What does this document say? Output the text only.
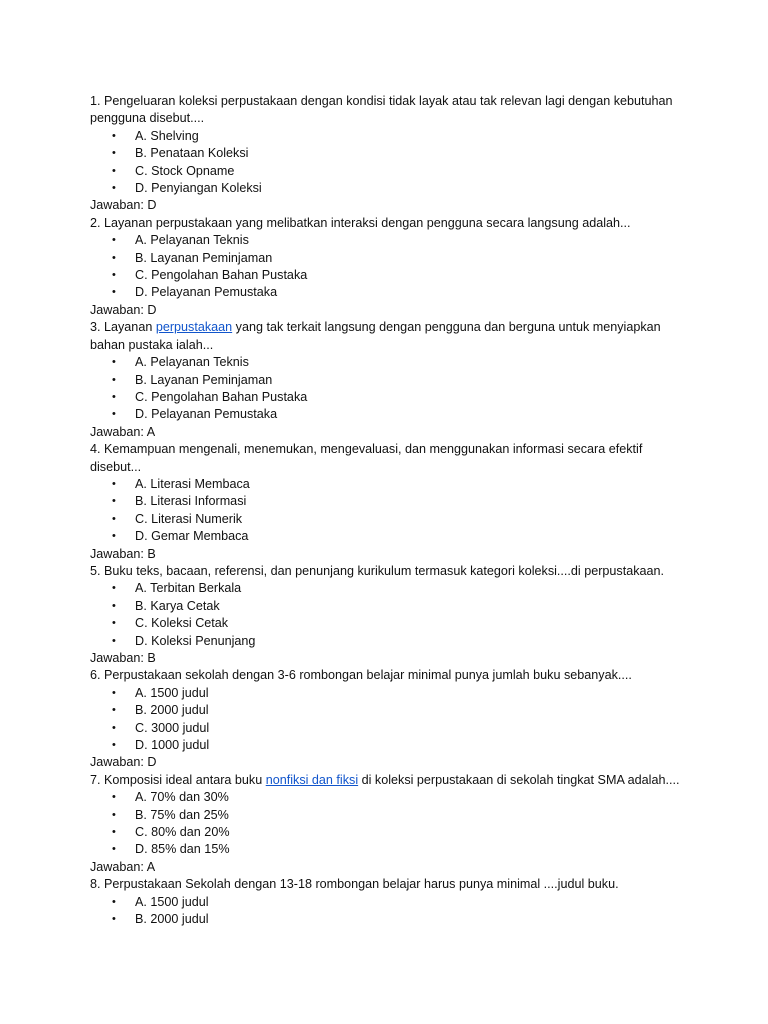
1. Pengeluaran koleksi perpustakaan dengan kondisi tidak layak atau tak relevan lagi dengan kebutuhan pengguna disebut....

• A. Shelving
• B. Penataan Koleksi
• C. Stock Opname
• D. Penyiangan Koleksi

Jawaban: D

2. Layanan perpustakaan yang melibatkan interaksi dengan pengguna secara langsung adalah...

• A. Pelayanan Teknis
• B. Layanan Peminjaman
• C. Pengolahan Bahan Pustaka
• D. Pelayanan Pemustaka

Jawaban: D

3. Layanan perpustakaan yang tak terkait langsung dengan pengguna dan berguna untuk menyiapkan bahan pustaka ialah...

• A. Pelayanan Teknis
• B. Layanan Peminjaman
• C. Pengolahan Bahan Pustaka
• D. Pelayanan Pemustaka

Jawaban: A

4. Kemampuan mengenali, menemukan, mengevaluasi, dan menggunakan informasi secara efektif disebut...

• A. Literasi Membaca
• B. Literasi Informasi
• C. Literasi Numerik
• D. Gemar Membaca

Jawaban: B

5. Buku teks, bacaan, referensi, dan penunjang kurikulum termasuk kategori koleksi....di perpustakaan.

• A. Terbitan Berkala
• B. Karya Cetak
• C. Koleksi Cetak
• D. Koleksi Penunjang

Jawaban: B

6. Perpustakaan sekolah dengan 3-6 rombongan belajar minimal punya jumlah buku sebanyak....

• A. 1500 judul
• B. 2000 judul
• C. 3000 judul
• D. 1000 judul

Jawaban: D

7. Komposisi ideal antara buku nonfiksi dan fiksi di koleksi perpustakaan di sekolah tingkat SMA adalah....

• A. 70% dan 30%
• B. 75% dan 25%
• C. 80% dan 20%
• D. 85% dan 15%

Jawaban: A

8. Perpustakaan Sekolah dengan 13-18 rombongan belajar harus punya minimal ....judul buku.

• A. 1500 judul
• B. 2000 judul
